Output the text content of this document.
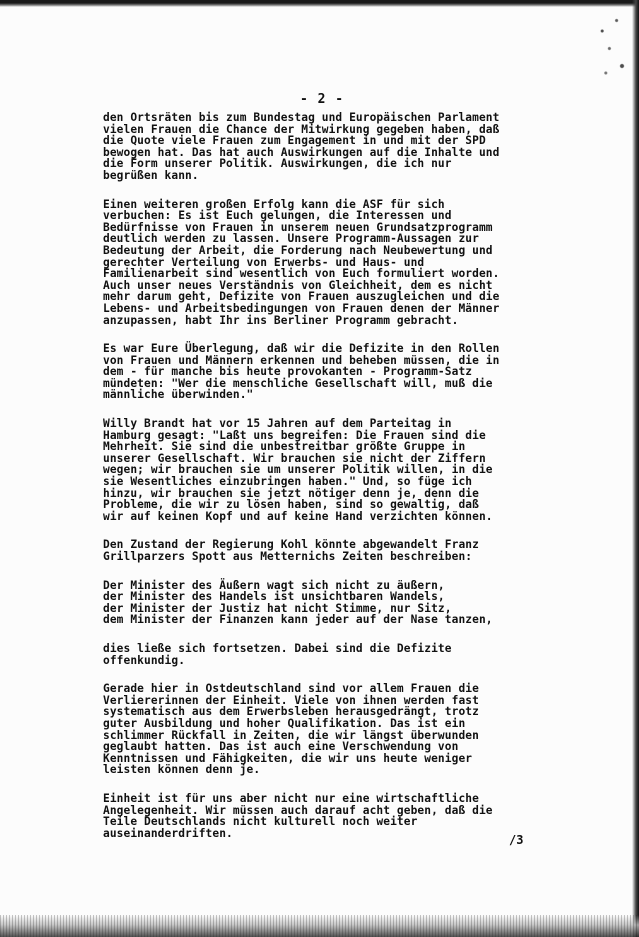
- 2 -
den Ortsräten bis zum Bundestag und Europäischen Parlament
vielen Frauen die Chance der Mitwirkung gegeben haben, daß
die Quote viele Frauen zum Engagement in und mit der SPD
bewogen hat. Das hat auch Auswirkungen auf die Inhalte und
die Form unserer Politik. Auswirkungen, die ich nur
begrüßen kann.
Einen weiteren großen Erfolg kann die ASF für sich
verbuchen: Es ist Euch gelungen, die Interessen und
Bedürfnisse von Frauen in unserem neuen Grundsatzprogramm
deutlich werden zu lassen. Unsere Programm-Aussagen zur
Bedeutung der Arbeit, die Forderung nach Neubewertung und
gerechter Verteilung von Erwerbs- und Haus- und
Familienarbeit sind wesentlich von Euch formuliert worden.
Auch unser neues Verständnis von Gleichheit, dem es nicht
mehr darum geht, Defizite von Frauen auszugleichen und die
Lebens- und Arbeitsbedingungen von Frauen denen der Männer
anzupassen, habt Ihr ins Berliner Programm gebracht.
Es war Eure Überlegung, daß wir die Defizite in den Rollen
von Frauen und Männern erkennen und beheben müssen, die in
dem - für manche bis heute provokanten - Programm-Satz
mündeten: "Wer die menschliche Gesellschaft will, muß die
männliche überwinden."
Willy Brandt hat vor 15 Jahren auf dem Parteitag in
Hamburg gesagt: "Laßt uns begreifen: Die Frauen sind die
Mehrheit. Sie sind die unbestreitbar größte Gruppe in
unserer Gesellschaft. Wir brauchen sie nicht der Ziffern
wegen; wir brauchen sie um unserer Politik willen, in die
sie Wesentliches einzubringen haben." Und, so füge ich
hinzu, wir brauchen sie jetzt nötiger denn je, denn die
Probleme, die wir zu lösen haben, sind so gewaltig, daß
wir auf keinen Kopf und auf keine Hand verzichten können.
Den Zustand der Regierung Kohl könnte abgewandelt Franz
Grillparzers Spott aus Metternichs Zeiten beschreiben:
Der Minister des Äußern wagt sich nicht zu äußern,
der Minister des Handels ist unsichtbaren Wandels,
der Minister der Justiz hat nicht Stimme, nur Sitz,
dem Minister der Finanzen kann jeder auf der Nase tanzen,
dies ließe sich fortsetzen. Dabei sind die Defizite
offenkundig.
Gerade hier in Ostdeutschland sind vor allem Frauen die
Verliererinnen der Einheit. Viele von ihnen werden fast
systematisch aus dem Erwerbsleben herausgedrängt, trotz
guter Ausbildung und hoher Qualifikation. Das ist ein
schlimmer Rückfall in Zeiten, die wir längst überwunden
geglaubt hatten. Das ist auch eine Verschwendung von
Kenntnissen und Fähigkeiten, die wir uns heute weniger
leisten können denn je.
Einheit ist für uns aber nicht nur eine wirtschaftliche
Angelegenheit. Wir müssen auch darauf acht geben, daß die
Teile Deutschlands nicht kulturell noch weiter
auseinanderdriften.	/3
